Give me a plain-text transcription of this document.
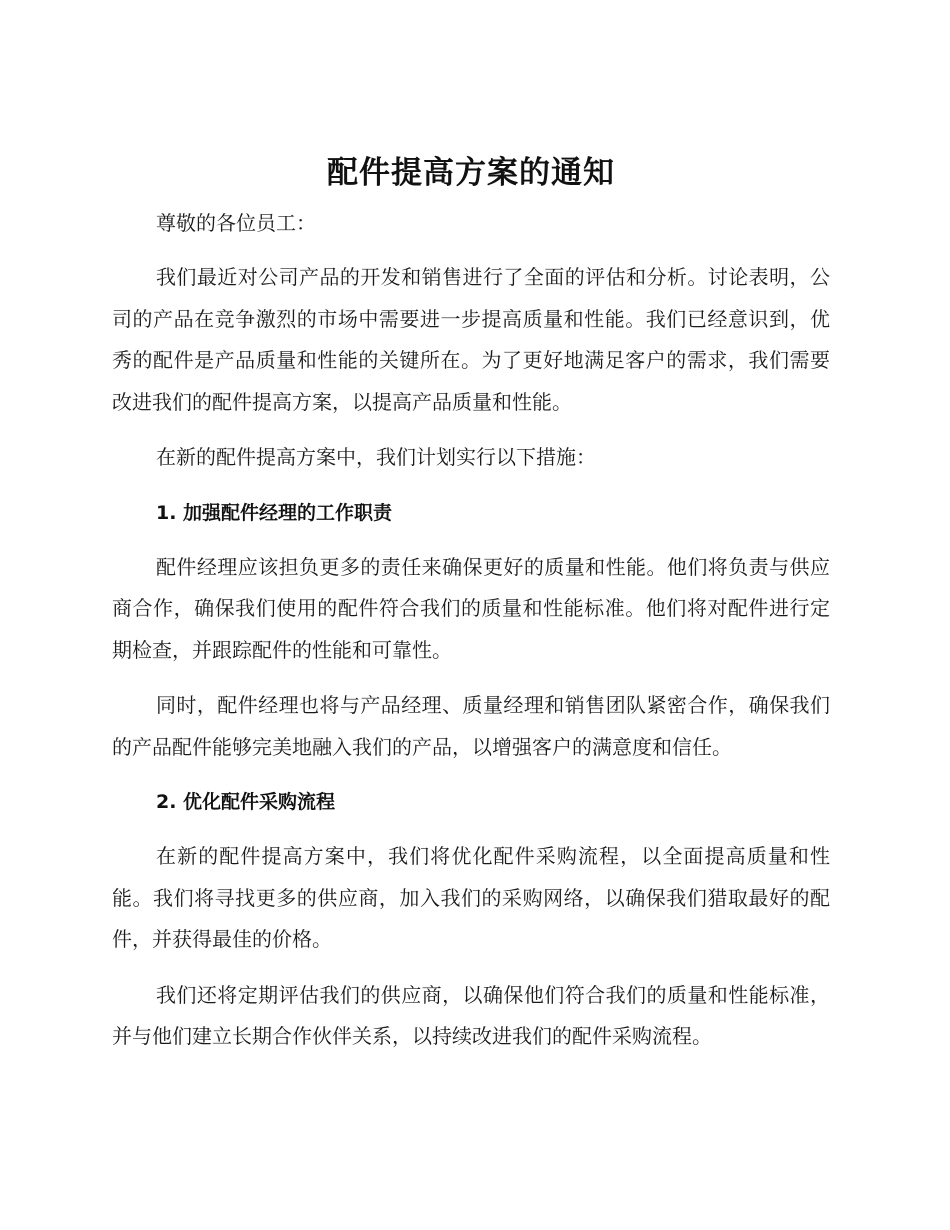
配件提高方案的通知

尊敬的各位员工：

我们最近对公司产品的开发和销售进行了全面的评估和分析。讨论表明，公司的产品在竞争激烈的市场中需要进一步提高质量和性能。我们已经意识到，优秀的配件是产品质量和性能的关键所在。为了更好地满足客户的需求，我们需要改进我们的配件提高方案，以提高产品质量和性能。

在新的配件提高方案中，我们计划实行以下措施：

1. 加强配件经理的工作职责

配件经理应该担负更多的责任来确保更好的质量和性能。他们将负责与供应商合作，确保我们使用的配件符合我们的质量和性能标准。他们将对配件进行定期检查，并跟踪配件的性能和可靠性。

同时，配件经理也将与产品经理、质量经理和销售团队紧密合作，确保我们的产品配件能够完美地融入我们的产品，以增强客户的满意度和信任。

2. 优化配件采购流程

在新的配件提高方案中，我们将优化配件采购流程，以全面提高质量和性能。我们将寻找更多的供应商，加入我们的采购网络，以确保我们猎取最好的配件，并获得最佳的价格。

我们还将定期评估我们的供应商，以确保他们符合我们的质量和性能标准，并与他们建立长期合作伙伴关系，以持续改进我们的配件采购流程。
